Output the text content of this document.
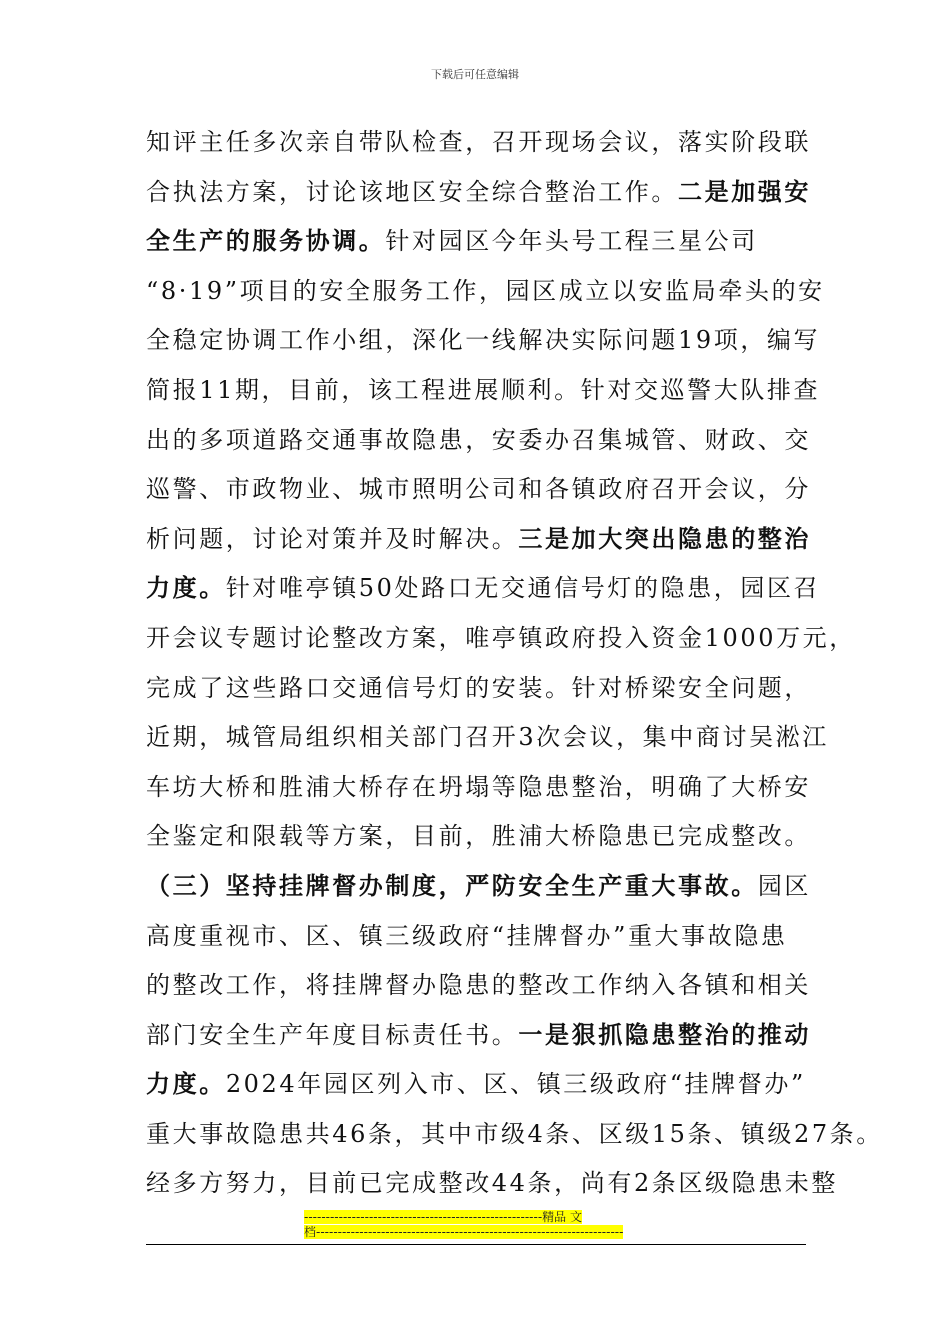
下载后可任意编辑
知评主任多次亲自带队检查，召开现场会议，落实阶段联
合执法方案，讨论该地区安全综合整治工作。二是加强安
全生产的服务协调。针对园区今年头号工程三星公司
“8·19”项目的安全服务工作，园区成立以安监局牵头的安
全稳定协调工作小组，深化一线解决实际问题19项，编写
简报11期，目前，该工程进展顺利。针对交巡警大队排查
出的多项道路交通事故隐患，安委办召集城管、财政、交
巡警、市政物业、城市照明公司和各镇政府召开会议，分
析问题，讨论对策并及时解决。三是加大突出隐患的整治
力度。针对唯亭镇50处路口无交通信号灯的隐患，园区召
开会议专题讨论整改方案，唯亭镇政府投入资金1000万元，
完成了这些路口交通信号灯的安装。针对桥梁安全问题，
近期，城管局组织相关部门召开3次会议，集中商讨吴淞江
车坊大桥和胜浦大桥存在坍塌等隐患整治，明确了大桥安
全鉴定和限载等方案，目前，胜浦大桥隐患已完成整改。
（三）坚持挂牌督办制度，严防安全生产重大事故。园区
高度重视市、区、镇三级政府“挂牌督办”重大事故隐患
的整改工作，将挂牌督办隐患的整改工作纳入各镇和相关
部门安全生产年度目标责任书。一是狠抓隐患整治的推动
力度。2024年园区列入市、区、镇三级政府“挂牌督办”
重大事故隐患共46条，其中市级4条、区级15条、镇级27条。
经多方努力，目前已完成整改44条，尚有2条区级隐患未整
-------------------------------------------------------精品 文
档-----------------------------------------------------------------------
